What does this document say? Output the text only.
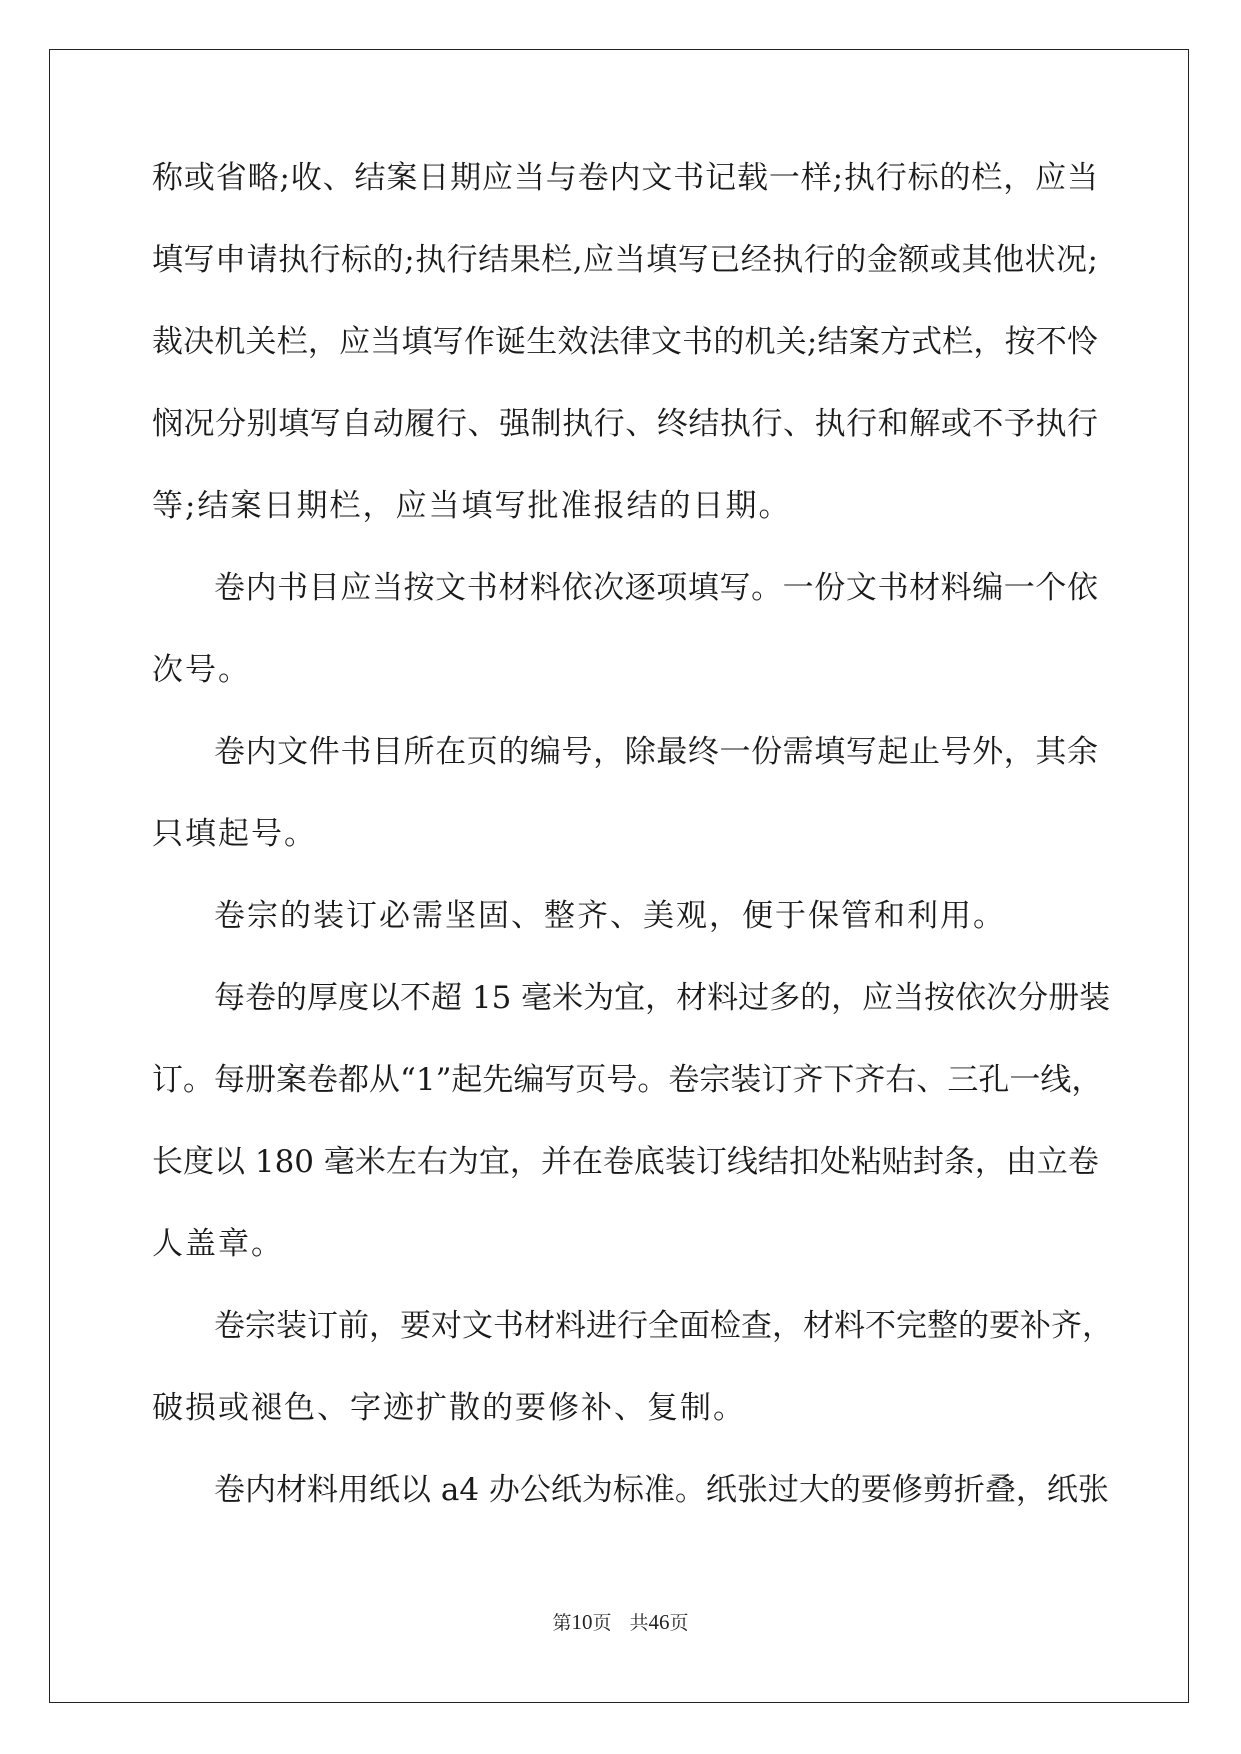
称或省略;收、结案日期应当与卷内文书记载一样;执行标的栏，应当
填写申请执行标的;执行结果栏,应当填写已经执行的金额或其他状况;
裁决机关栏，应当填写作诞生效法律文书的机关;结案方式栏，按不怜
悯况分别填写自动履行、强制执行、终结执行、执行和解或不予执行
等;结案日期栏，应当填写批准报结的日期。
卷内书目应当按文书材料依次逐项填写。一份文书材料编一个依
次号。
卷内文件书目所在页的编号，除最终一份需填写起止号外，其余
只填起号。
卷宗的装订必需坚固、整齐、美观，便于保管和利用。
每卷的厚度以不超 15 毫米为宜，材料过多的，应当按依次分册装
订。每册案卷都从“1”起先编写页号。卷宗装订齐下齐右、三孔一线，
长度以 180 毫米左右为宜，并在卷底装订线结扣处粘贴封条，由立卷
人盖章。
卷宗装订前，要对文书材料进行全面检查，材料不完整的要补齐，
破损或褪色、字迹扩散的要修补、复制。
卷内材料用纸以 a4 办公纸为标准。纸张过大的要修剪折叠，纸张
第10页 共46页
